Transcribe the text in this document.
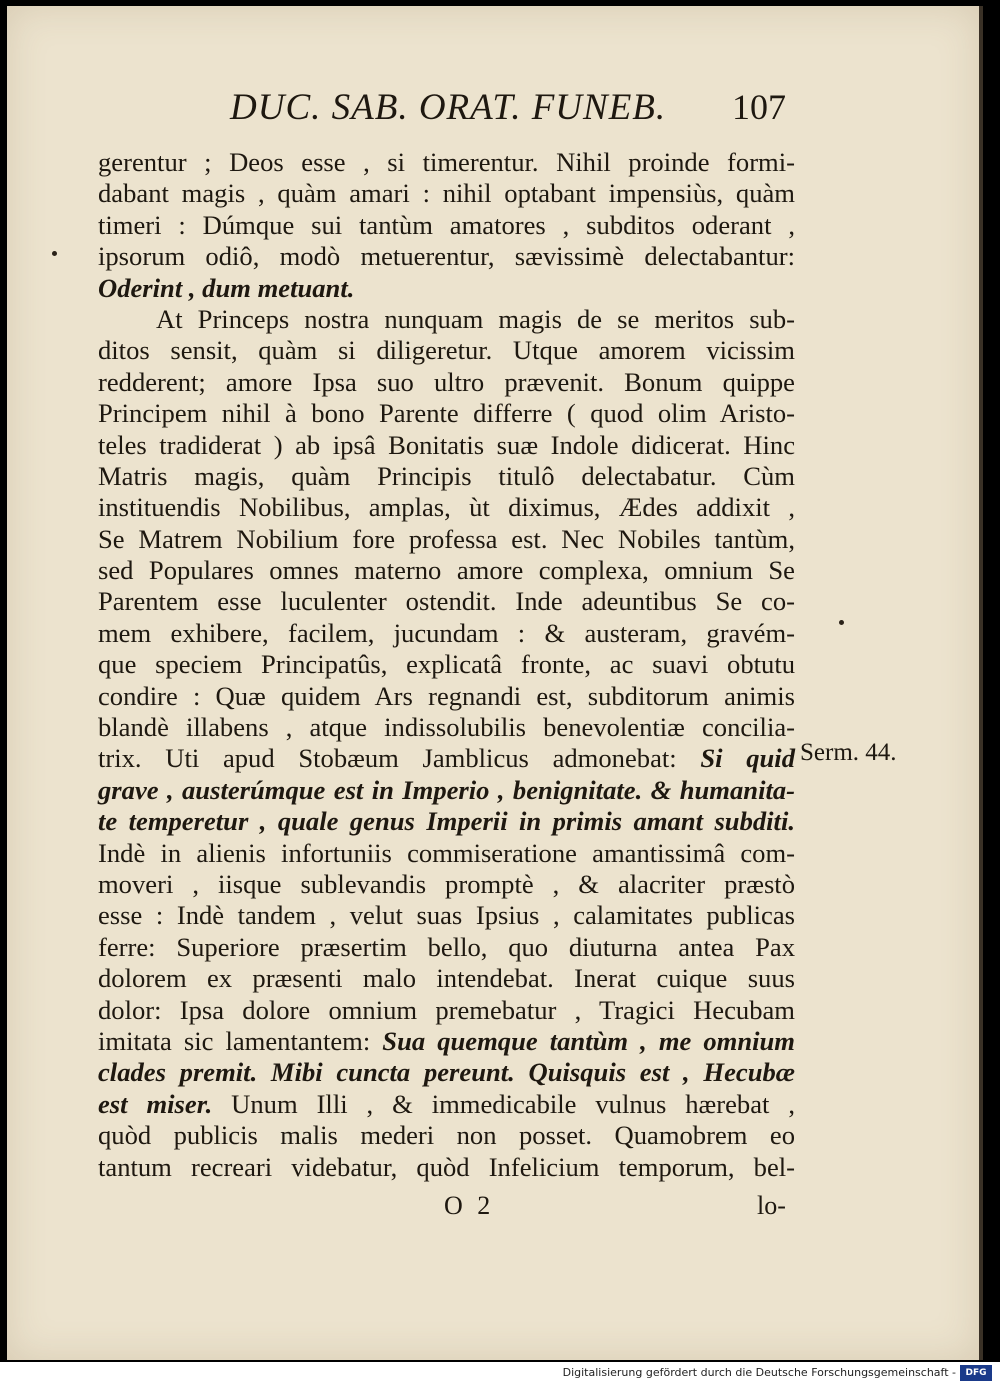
DUC. SAB. ORAT. FUNEB.	107
gerentur ; Deos esse , si timerentur. Nihil proinde formi-
dabant magis , quàm amari : nihil optabant impensiùs, quàm
timeri : Dúmque sui tantùm amatores , subditos oderant ,
ipsorum odiô, modò metuerentur, sævissimè delectabantur:
Oderint , dum metuant.
At Princeps nostra nunquam magis de se meritos sub-
ditos sensit, quàm si diligeretur. Utque amorem vicissim
redderent; amore Ipsa suo ultro prævenit. Bonum quippe
Principem nihil à bono Parente differre ( quod olim Aristo-
teles tradiderat ) ab ipsâ Bonitatis suæ Indole didicerat. Hinc
Matris magis, quàm Principis titulô delectabatur. Cùm
instituendis Nobilibus, amplas, ùt diximus, Ædes addixit ,
Se Matrem Nobilium fore professa est. Nec Nobiles tantùm,
sed Populares omnes materno amore complexa, omnium Se
Parentem esse luculenter ostendit. Inde adeuntibus Se co-
mem exhibere, facilem, jucundam : & austeram, gravém-
que speciem Principatûs, explicatâ fronte, ac suavi obtutu
condire : Quæ quidem Ars regnandi est, subditorum animis
blandè illabens , atque indissolubilis benevolentiæ concilia-
trix. Uti apud Stobæum Jamblicus admonebat: Si quid
grave , austerúmque est in Imperio , benignitate. & humanita-
te temperetur , quale genus Imperii in primis amant subditi.
Indè in alienis infortuniis commiseratione amantissimâ com-
moveri , iisque sublevandis promptè , & alacriter præstò
esse : Indè tandem , velut suas Ipsius , calamitates publicas
ferre: Superiore præsertim bello, quo diuturna antea Pax
dolorem ex præsenti malo intendebat. Inerat cuique suus
dolor: Ipsa dolore omnium premebatur , Tragici Hecubam
imitata sic lamentantem: Sua quemque tantùm , me omnium
clades premit. Mibi cuncta pereunt. Quisquis est , Hecubæ
est miser. Unum Illi , & immedicabile vulnus hærebat ,
quòd publicis malis mederi non posset. Quamobrem eo
tantum recreari videbatur, quòd Infelicium temporum, bel-
Serm. 44.
O 2	lo-
Digitalisierung gefördert durch die Deutsche Forschungsgemeinschaft -	DFG
